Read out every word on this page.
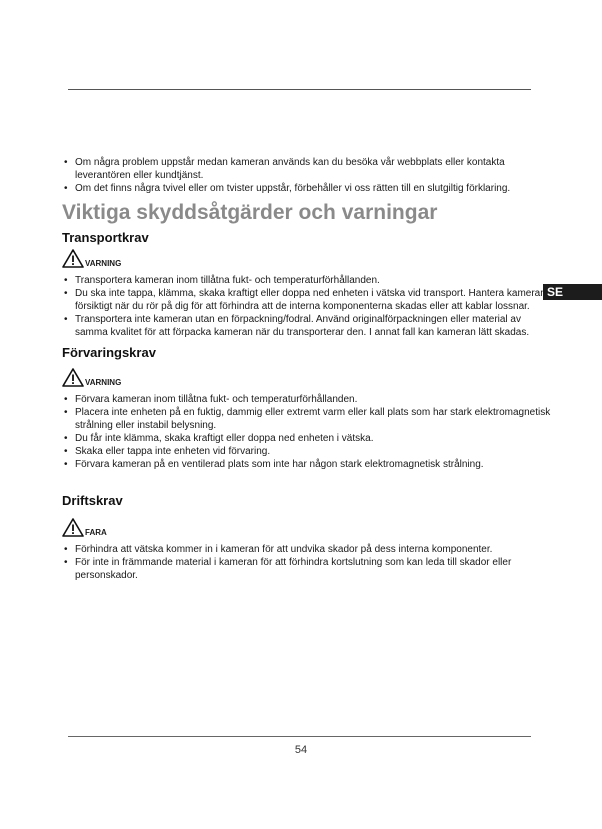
SE
• Om några problem uppstår medan kameran används kan du besöka vår webbplats eller kontakta leverantören eller kundtjänst.
• Om det finns några tvivel eller om tvister uppstår, förbehåller vi oss rätten till en slutgiltig förklaring.
Viktiga skyddsåtgärder och varningar
Transportkrav
VARNING
• Transportera kameran inom tillåtna fukt- och temperaturförhållanden.
• Du ska inte tappa, klämma, skaka kraftigt eller doppa ned enheten i vätska vid transport. Hantera kameran försiktigt när du rör på dig för att förhindra att de interna komponenterna skadas eller att kablar lossnar.
• Transportera inte kameran utan en förpackning/fodral. Använd originalförpackningen eller material av samma kvalitet för att förpacka kameran när du transporterar den. I annat fall kan kameran lätt skadas.
Förvaringskrav
VARNING
• Förvara kameran inom tillåtna fukt- och temperaturförhållanden.
• Placera inte enheten på en fuktig, dammig eller extremt varm eller kall plats som har stark elektromagnetisk strålning eller instabil belysning.
• Du får inte klämma, skaka kraftigt eller doppa ned enheten i vätska.
• Skaka eller tappa inte enheten vid förvaring.
• Förvara kameran på en ventilerad plats som inte har någon stark elektromagnetisk strålning.
Driftskrav
FARA
• Förhindra att vätska kommer in i kameran för att undvika skador på dess interna komponenter.
• För inte in främmande material i kameran för att förhindra kortslutning som kan leda till skador eller personskador.
54
